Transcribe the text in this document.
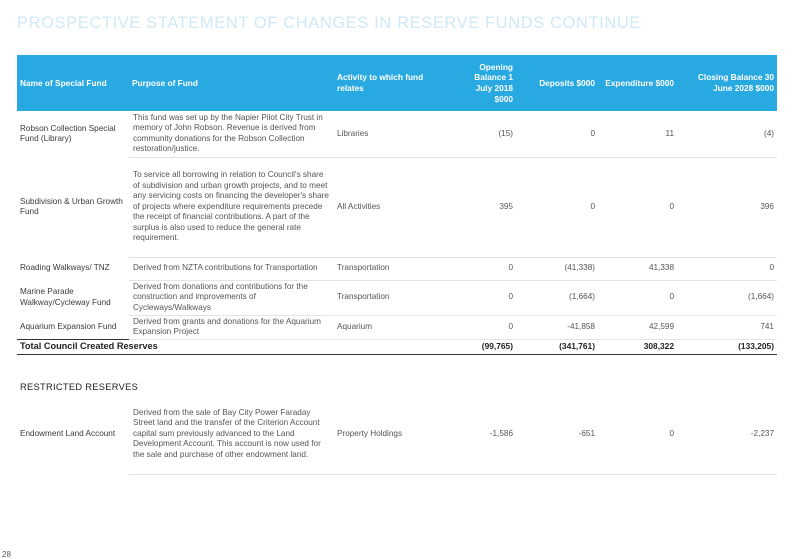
PROSPECTIVE STATEMENT OF CHANGES IN RESERVE FUNDS CONTINUE
Name of Special Fund	Purpose of Fund	Activity to which fund relates	Opening Balance 1 July 2018 $000	Deposits $000	Expenditure $000	Closing Balance 30 June 2028 $000
Robson Collection Special Fund (Library)	This fund was set up by the Napier Pilot City Trust in memory of John Robson. Revenue is derived from community donations for the Robson Collection restoration/justice.	Libraries	(15)	0	11	(4)
Subdivision & Urban Growth Fund	To service all borrowing in relation to Council's share of subdivision and urban growth projects, and to meet any servicing costs on financing the developer's share of projects where expenditure requirements precede the receipt of financial contributions. A part of the surplus is also used to reduce the general rate requirement.	All Activities	395	0	0	396
Roading Walkways/ TNZ	Derived from NZTA contributions for Transportation	Transportation	0	(41,338)	41,338	0
Marine Parade Walkway/Cycleway Fund	Derived from donations and contributions for the construction and improvements of Cycleways/Walkways	Transportation	0	(1,664)	0	(1,664)
Aquarium Expansion Fund	Derived from grants and donations for the Aquarium Expansion Project	Aquarium	0	-41,858	42,599	741
Total Council Created Reserves			(99,765)	(341,761)	308,322	(133,205)

RESTRICTED RESERVES						
Endowment Land Account	Derived from the sale of Bay City Power Faraday Street land and the transfer of the Criterion Account capital sum previously advanced to the Land Development Account. This account is now used for the sale and purchase of other endowment land.	Property Holdings	-1,586	-651	0	-2,237
28
